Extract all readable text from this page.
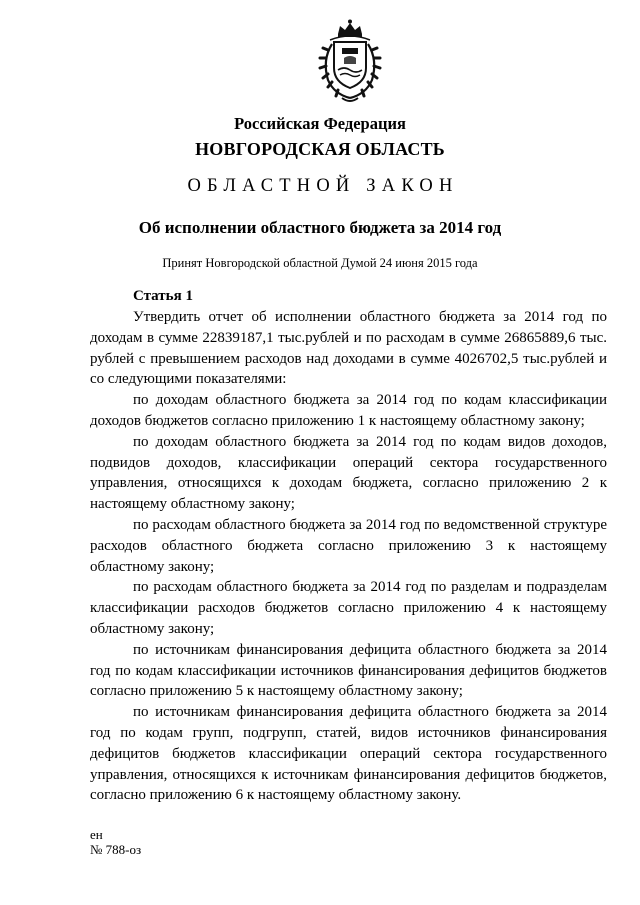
Российская Федерация
НОВГОРОДСКАЯ ОБЛАСТЬ
ОБЛАСТНОЙ ЗАКОН
Об исполнении областного бюджета за 2014 год
Принят Новгородской областной Думой 24 июня 2015 года
Статья 1

Утвердить отчет об исполнении областного бюджета за 2014 год по доходам в сумме 22839187,1 тыс.рублей и по расходам в сумме 26865889,6 тыс. рублей с превышением расходов над доходами в сумме 4026702,5 тыс.рублей и со следующими показателями:

по доходам областного бюджета за 2014 год по кодам классификации доходов бюджетов согласно приложению 1 к настоящему областному закону;

по доходам областного бюджета за 2014 год по кодам видов доходов, подвидов доходов, классификации операций сектора государственного управления, относящихся к доходам бюджета, согласно приложению 2 к настоящему областному закону;

по расходам областного бюджета за 2014 год по ведомственной структуре расходов областного бюджета согласно приложению 3 к настоящему областному закону;

по расходам областного бюджета за 2014 год по разделам и подразделам классификации расходов бюджетов согласно приложению 4 к настоящему областному закону;

по источникам финансирования дефицита областного бюджета за 2014 год по кодам классификации источников финансирования дефицитов бюджетов согласно приложению 5 к настоящему областному закону;

по источникам финансирования дефицита областного бюджета за 2014 год по кодам групп, подгрупп, статей, видов источников финансирования дефицитов бюджетов классификации операций сектора государственного управления, относящихся к источникам финансирования дефицитов бюджетов, согласно приложению 6 к настоящему областному закону.

ен
№ 788-оз
